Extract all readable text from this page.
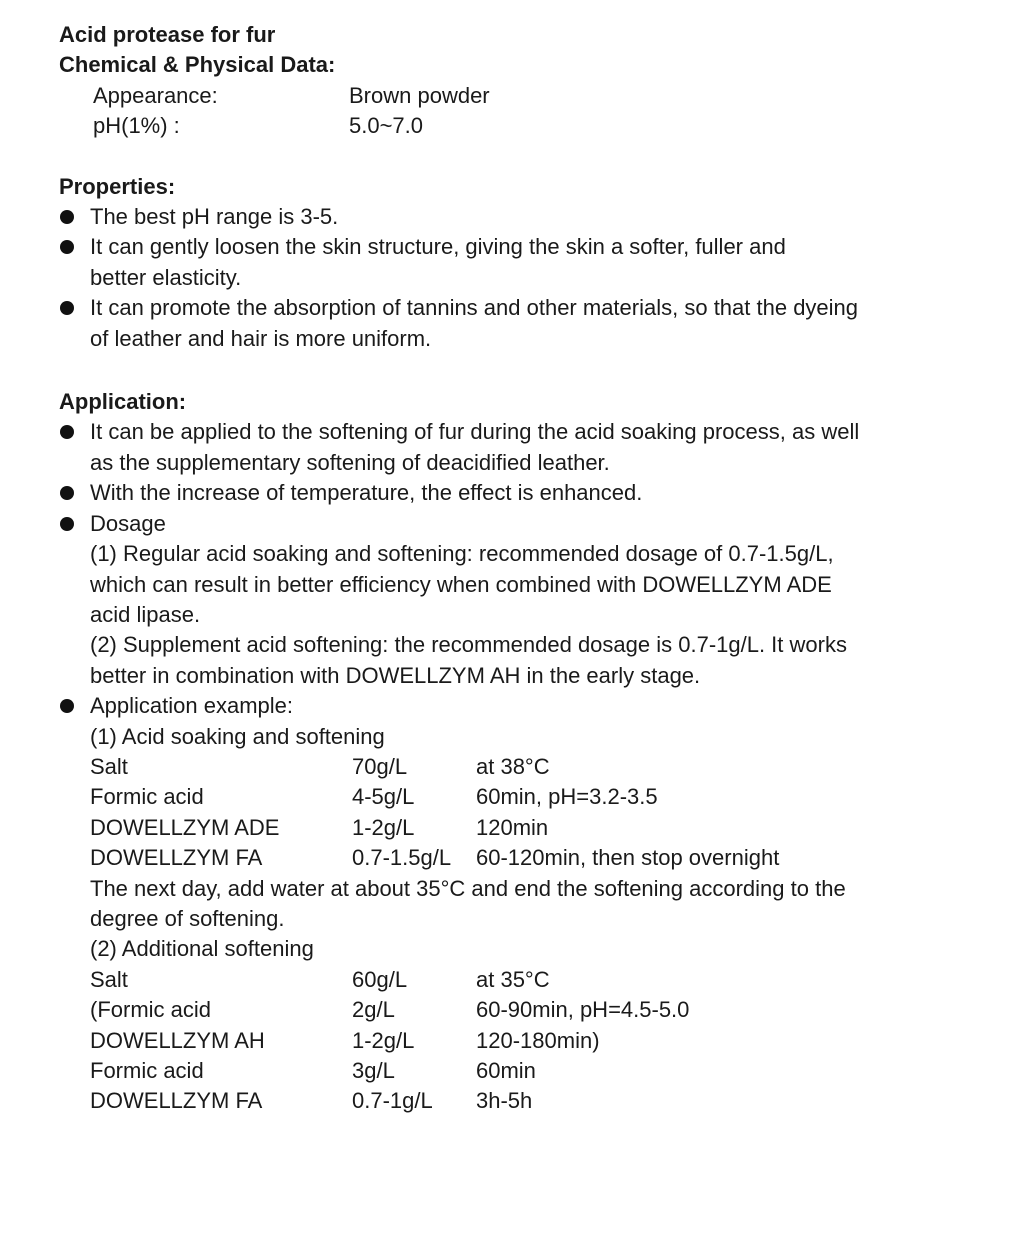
Acid protease for fur
Chemical & Physical Data:
Appearance:	Brown powder
pH(1%) :	5.0~7.0
Properties:
The best pH range is 3-5.
It can gently loosen the skin structure, giving the skin a softer, fuller and
better elasticity.
It can promote the absorption of tannins and other materials, so that the dyeing
of leather and hair is more uniform.
Application:
It can be applied to the softening of fur during the acid soaking process, as well
as the supplementary softening of deacidified leather.
With the increase of temperature, the effect is enhanced.
Dosage
(1) Regular acid soaking and softening: recommended dosage of 0.7-1.5g/L,
which can result in better efficiency when combined with DOWELLZYM ADE
acid lipase.
(2) Supplement acid softening: the recommended dosage is 0.7-1g/L. It works
better in combination with DOWELLZYM AH in the early stage.
Application example:
(1) Acid soaking and softening
Salt	70g/L	at 38°C
Formic acid	4-5g/L	60min, pH=3.2-3.5
DOWELLZYM ADE	1-2g/L	120min
DOWELLZYM FA	0.7-1.5g/L	60-120min, then stop overnight
The next day, add water at about 35°C and end the softening according to the
degree of softening.
(2) Additional softening
Salt	60g/L	at 35°C
(Formic acid	2g/L	60-90min, pH=4.5-5.0
DOWELLZYM AH	1-2g/L	120-180min)
Formic acid	3g/L	60min
DOWELLZYM FA	0.7-1g/L	3h-5h
